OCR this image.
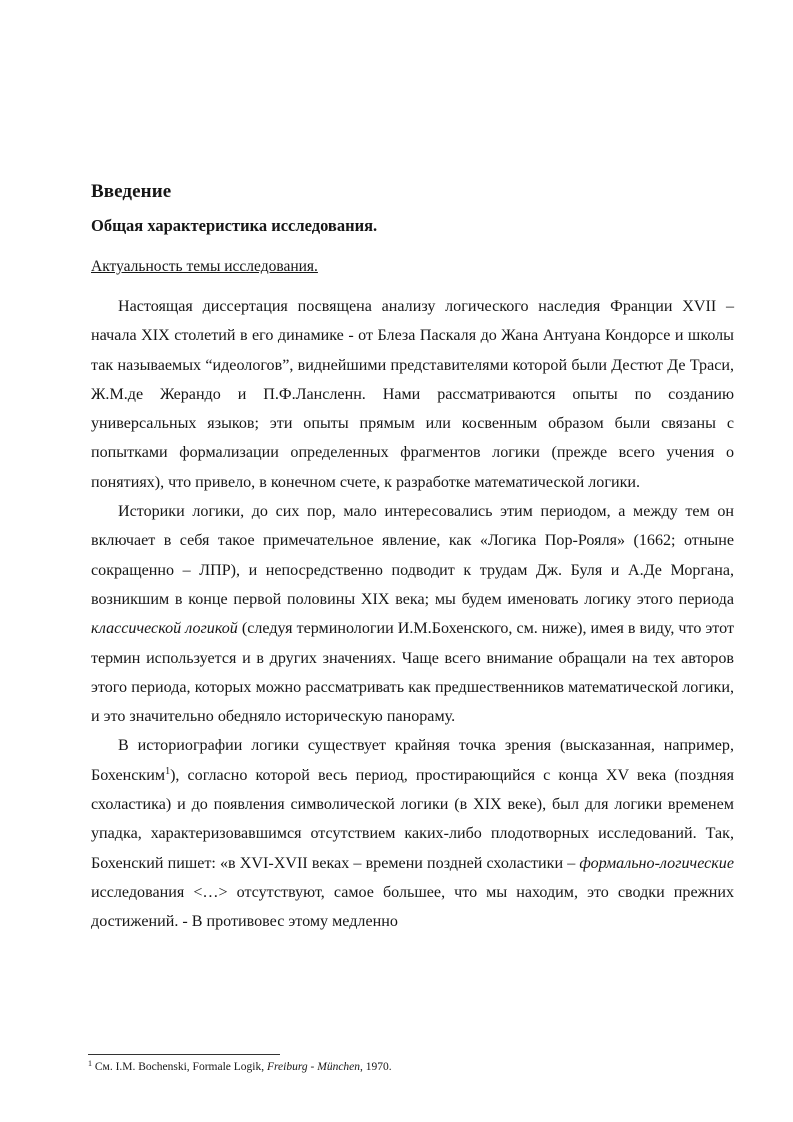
Введение
Общая характеристика исследования.
Актуальность темы исследования.

Настоящая диссертация посвящена анализу логического наследия Франции XVII – начала XIX столетий в его динамике - от Блеза Паскаля до Жана Антуана Кондорсе и школы так называемых “идеологов”, виднейшими представителями которой были Дестют Де Траси, Ж.М.де Жерандо и П.Ф.Лансленн. Нами рассматриваются опыты по созданию универсальных языков; эти опыты прямым или косвенным образом были связаны с попытками формализации определенных фрагментов логики (прежде всего учения о понятиях), что привело, в конечном счете, к разработке математической логики.

Историки логики, до сих пор, мало интересовались этим периодом, а между тем он включает в себя такое примечательное явление, как «Логика Пор-Рояля» (1662; отныне сокращенно – ЛПР), и непосредственно подводит к трудам Дж. Буля и А.Де Моргана, возникшим в конце первой половины XIX века; мы будем именовать логику этого периода классической логикой (следуя терминологии И.М.Бохенского, см. ниже), имея в виду, что этот термин используется и в других значениях. Чаще всего внимание обращали на тех авторов этого периода, которых можно рассматривать как предшественников математической логики, и это значительно обедняло историческую панораму.

В историографии логики существует крайняя точка зрения (высказанная, например, Бохенским$^1$), согласно которой весь период, простирающийся с конца XV века (поздняя схоластика) и до появления символической логики (в XIX веке), был для логики временем упадка, характеризовавшимся отсутствием каких-либо плодотворных исследований. Так, Бохенский пишет: «в XVI-XVII веках – времени поздней схоластики – формально-логические исследования <…> отсутствуют, самое большее, что мы находим, это сводки прежних достижений. - В противовес этому медленно

$^1$ См. I.M. Bochenski, Formale Logik, Freiburg - München, 1970.
